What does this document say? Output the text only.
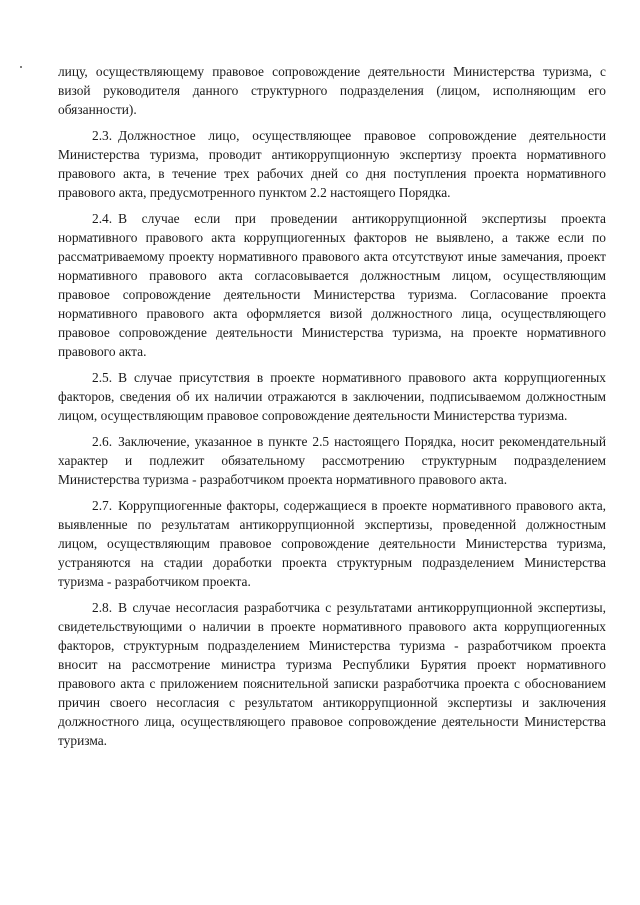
лицу, осуществляющему правовое сопровождение деятельности Министерства туризма, с визой руководителя данного структурного подразделения (лицом, исполняющим его обязанности).

2.3. Должностное лицо, осуществляющее правовое сопровождение деятельности Министерства туризма, проводит антикоррупционную экспертизу проекта нормативного правового акта, в течение трех рабочих дней со дня поступления проекта нормативного правового акта, предусмотренного пунктом 2.2 настоящего Порядка.

2.4. В случае если при проведении антикоррупционной экспертизы проекта нормативного правового акта коррупциогенных факторов не выявлено, а также если по рассматриваемому проекту нормативного правового акта отсутствуют иные замечания, проект нормативного правового акта согласовывается должностным лицом, осуществляющим правовое сопровождение деятельности Министерства туризма. Согласование проекта нормативного правового акта оформляется визой должностного лица, осуществляющего правовое сопровождение деятельности Министерства туризма, на проекте нормативного правового акта.

2.5. В случае присутствия в проекте нормативного правового акта коррупциогенных факторов, сведения об их наличии отражаются в заключении, подписываемом должностным лицом, осуществляющим правовое сопровождение деятельности Министерства туризма.

2.6. Заключение, указанное в пункте 2.5 настоящего Порядка, носит рекомендательный характер и подлежит обязательному рассмотрению структурным подразделением Министерства туризма - разработчиком проекта нормативного правового акта.

2.7. Коррупциогенные факторы, содержащиеся в проекте нормативного правового акта, выявленные по результатам антикоррупционной экспертизы, проведенной должностным лицом, осуществляющим правовое сопровождение деятельности Министерства туризма, устраняются на стадии доработки проекта структурным подразделением Министерства туризма - разработчиком проекта.

2.8. В случае несогласия разработчика с результатами антикоррупционной экспертизы, свидетельствующими о наличии в проекте нормативного правового акта коррупциогенных факторов, структурным подразделением Министерства туризма - разработчиком проекта вносит на рассмотрение министра туризма Республики Бурятия проект нормативного правового акта с приложением пояснительной записки разработчика проекта с обоснованием причин своего несогласия с результатом антикоррупционной экспертизы и заключения должностного лица, осуществляющего правовое сопровождение деятельности Министерства туризма.
